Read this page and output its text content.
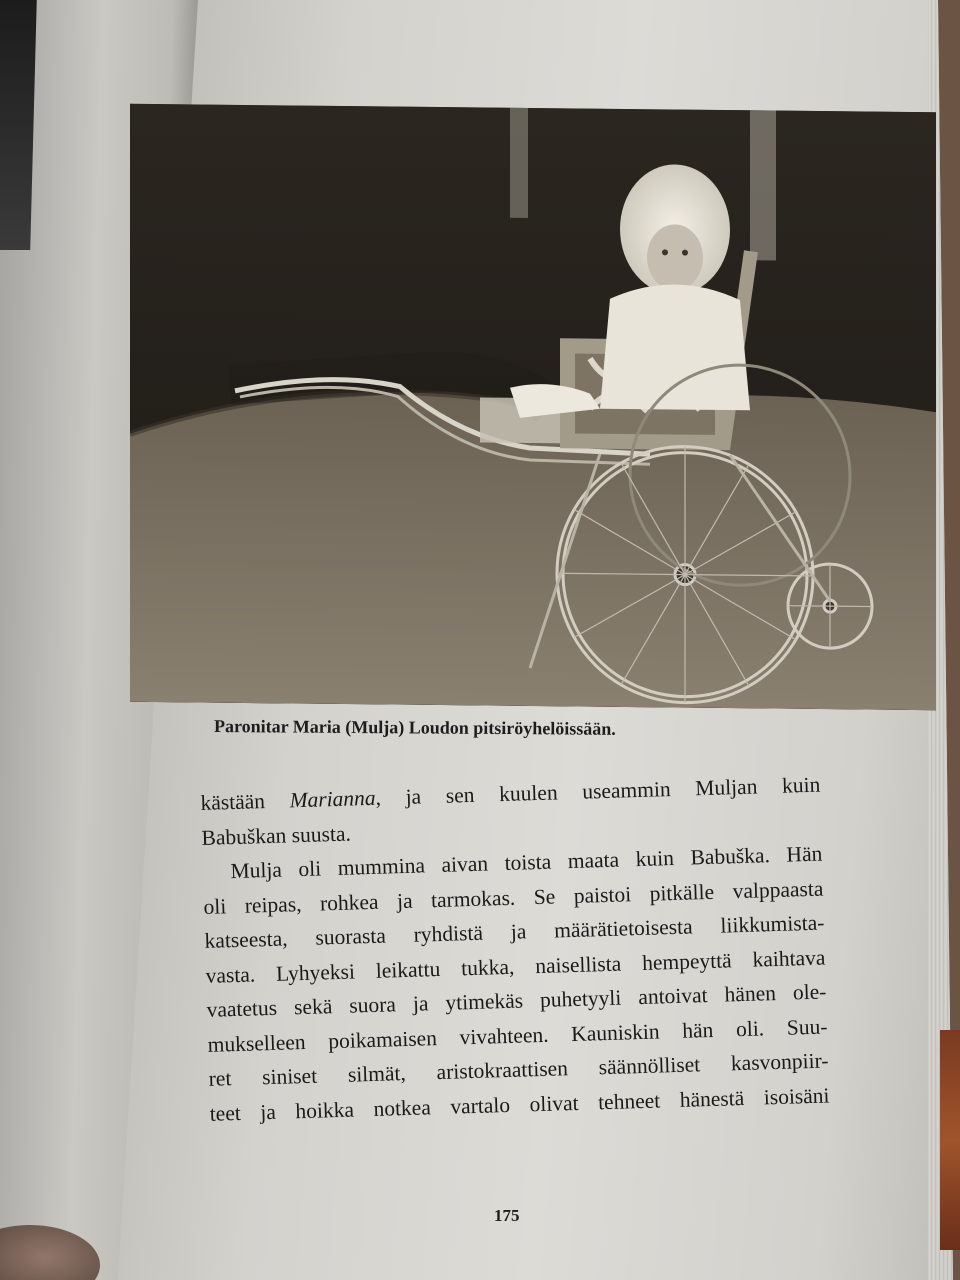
Paronitar Maria (Mulja) Loudon pitsiröyhelöissään.
kästään Marianna, ja sen kuulen useammin Muljan kuin
Babuškan suusta.
Mulja oli mummina aivan toista maata kuin Babuška. Hän
oli reipas, rohkea ja tarmokas. Se paistoi pitkälle valppaasta
katseesta, suorasta ryhdistä ja määrätietoisesta liikkumista-
vasta. Lyhyeksi leikattu tukka, naisellista hempeyttä kaihtava
vaatetus sekä suora ja ytimekäs puhetyyli antoivat hänen ole-
mukselleen poikamaisen vivahteen. Kauniskin hän oli. Suu-
ret siniset silmät, aristokraattisen säännölliset kasvonpiir-
teet ja hoikka notkea vartalo olivat tehneet hänestä isoisäni
175
